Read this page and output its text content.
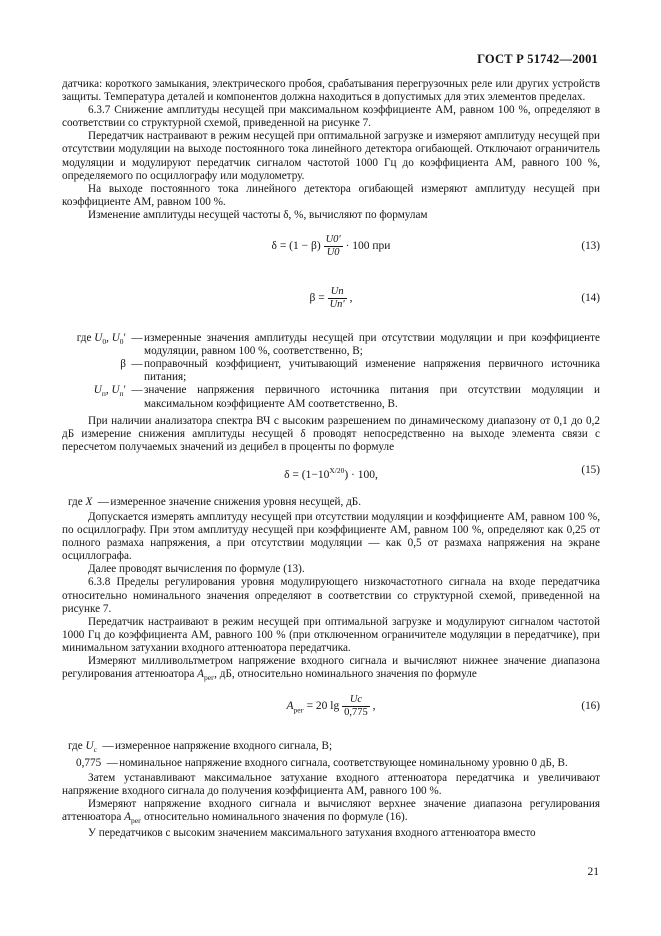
ГОСТ Р 51742—2001

датчика: короткого замыкания, электрического пробоя, срабатывания перегрузочных реле или других устройств защиты. Температура деталей и компонентов должна находиться в допустимых для этих элементов пределах.

6.3.7 Снижение амплитуды несущей при максимальном коэффициенте АМ, равном 100 %, определяют в соответствии со структурной схемой, приведенной на рисунке 7.

Передатчик настраивают в режим несущей при оптимальной загрузке и измеряют амплитуду несущей при отсутствии модуляции на выходе постоянного тока линейного детектора огибающей. Отключают ограничитель модуляции и модулируют передатчик сигналом частотой 1000 Гц до коэффициента АМ, равного 100 %, определяемого по осциллографу или модулометру.

На выходе постоянного тока линейного детектора огибающей измеряют амплитуду несущей при коэффициенте АМ, равном 100 %.

Изменение амплитуды несущей частоты δ, %, вычисляют по формулам

$\delta = (1 - \beta) \frac{U0'}{U0} \cdot 100$ при	(13)
$\beta = \frac{Uп}{Uп'}$ ,	(14)
где $U_0$, $U_0'$ — измеренные значения амплитуды несущей при отсутствии модуляции и при коэффициенте модуляции, равном 100 %, соответственно, В;
β — поправочный коэффициент, учитывающий изменение напряжения первичного источника питания;
$U_п$, $U_п'$ — значение напряжения первичного источника питания при отсутствии модуляции и максимальном коэффициенте АМ соответственно, В.

При наличии анализатора спектра ВЧ с высоким разрешением по динамическому диапазону от 0,1 до 0,2 дБ измерение снижения амплитуды несущей δ проводят непосредственно на выходе элемента связи с пересчетом получаемых значений из децибел в проценты по формуле

$\delta = (1-10^{X/20}) \cdot 100$,	(15)
где X — измеренное значение снижения уровня несущей, дБ.

Допускается измерять амплитуду несущей при отсутствии модуляции и коэффициенте АМ, равном 100 %, по осциллографу. При этом амплитуду несущей при коэффициенте АМ, равном 100 %, определяют как 0,25 от полного размаха напряжения, а при отсутствии модуляции — как 0,5 от размаха напряжения на экране осциллографа.

Далее проводят вычисления по формуле (13).

6.3.8 Пределы регулирования уровня модулирующего низкочастотного сигнала на входе передатчика относительно номинального значения определяют в соответствии со структурной схемой, приведенной на рисунке 7.

Передатчик настраивают в режим несущей при оптимальной загрузке и модулируют сигналом частотой 1000 Гц до коэффициента АМ, равного 100 % (при отключенном ограничителе модуляции в передатчике), при минимальном затухании входного аттенюатора передатчика.

Измеряют милливольтметром напряжение входного сигнала и вычисляют нижнее значение диапазона регулирования аттенюатора $A_{рег}$, дБ, относительно номинального значения по формуле

$A_{рег} = 20$ $\lg \frac{Uс}{0,775}$ ,	(16)
где $U_с$ — измеренное напряжение входного сигнала, В;
0,775 — номинальное напряжение входного сигнала, соответствующее номинальному уровню 0 дБ, В.

Затем устанавливают максимальное затухание входного аттенюатора передатчика и увеличивают напряжение входного сигнала до получения коэффициента АМ, равного 100 %.

Измеряют напряжение входного сигнала и вычисляют верхнее значение диапазона регулирования аттенюатора $A_{рег}$ относительно номинального значения по формуле (16).

У передатчиков с высоким значением максимального затухания входного аттенюатора вместо

21
